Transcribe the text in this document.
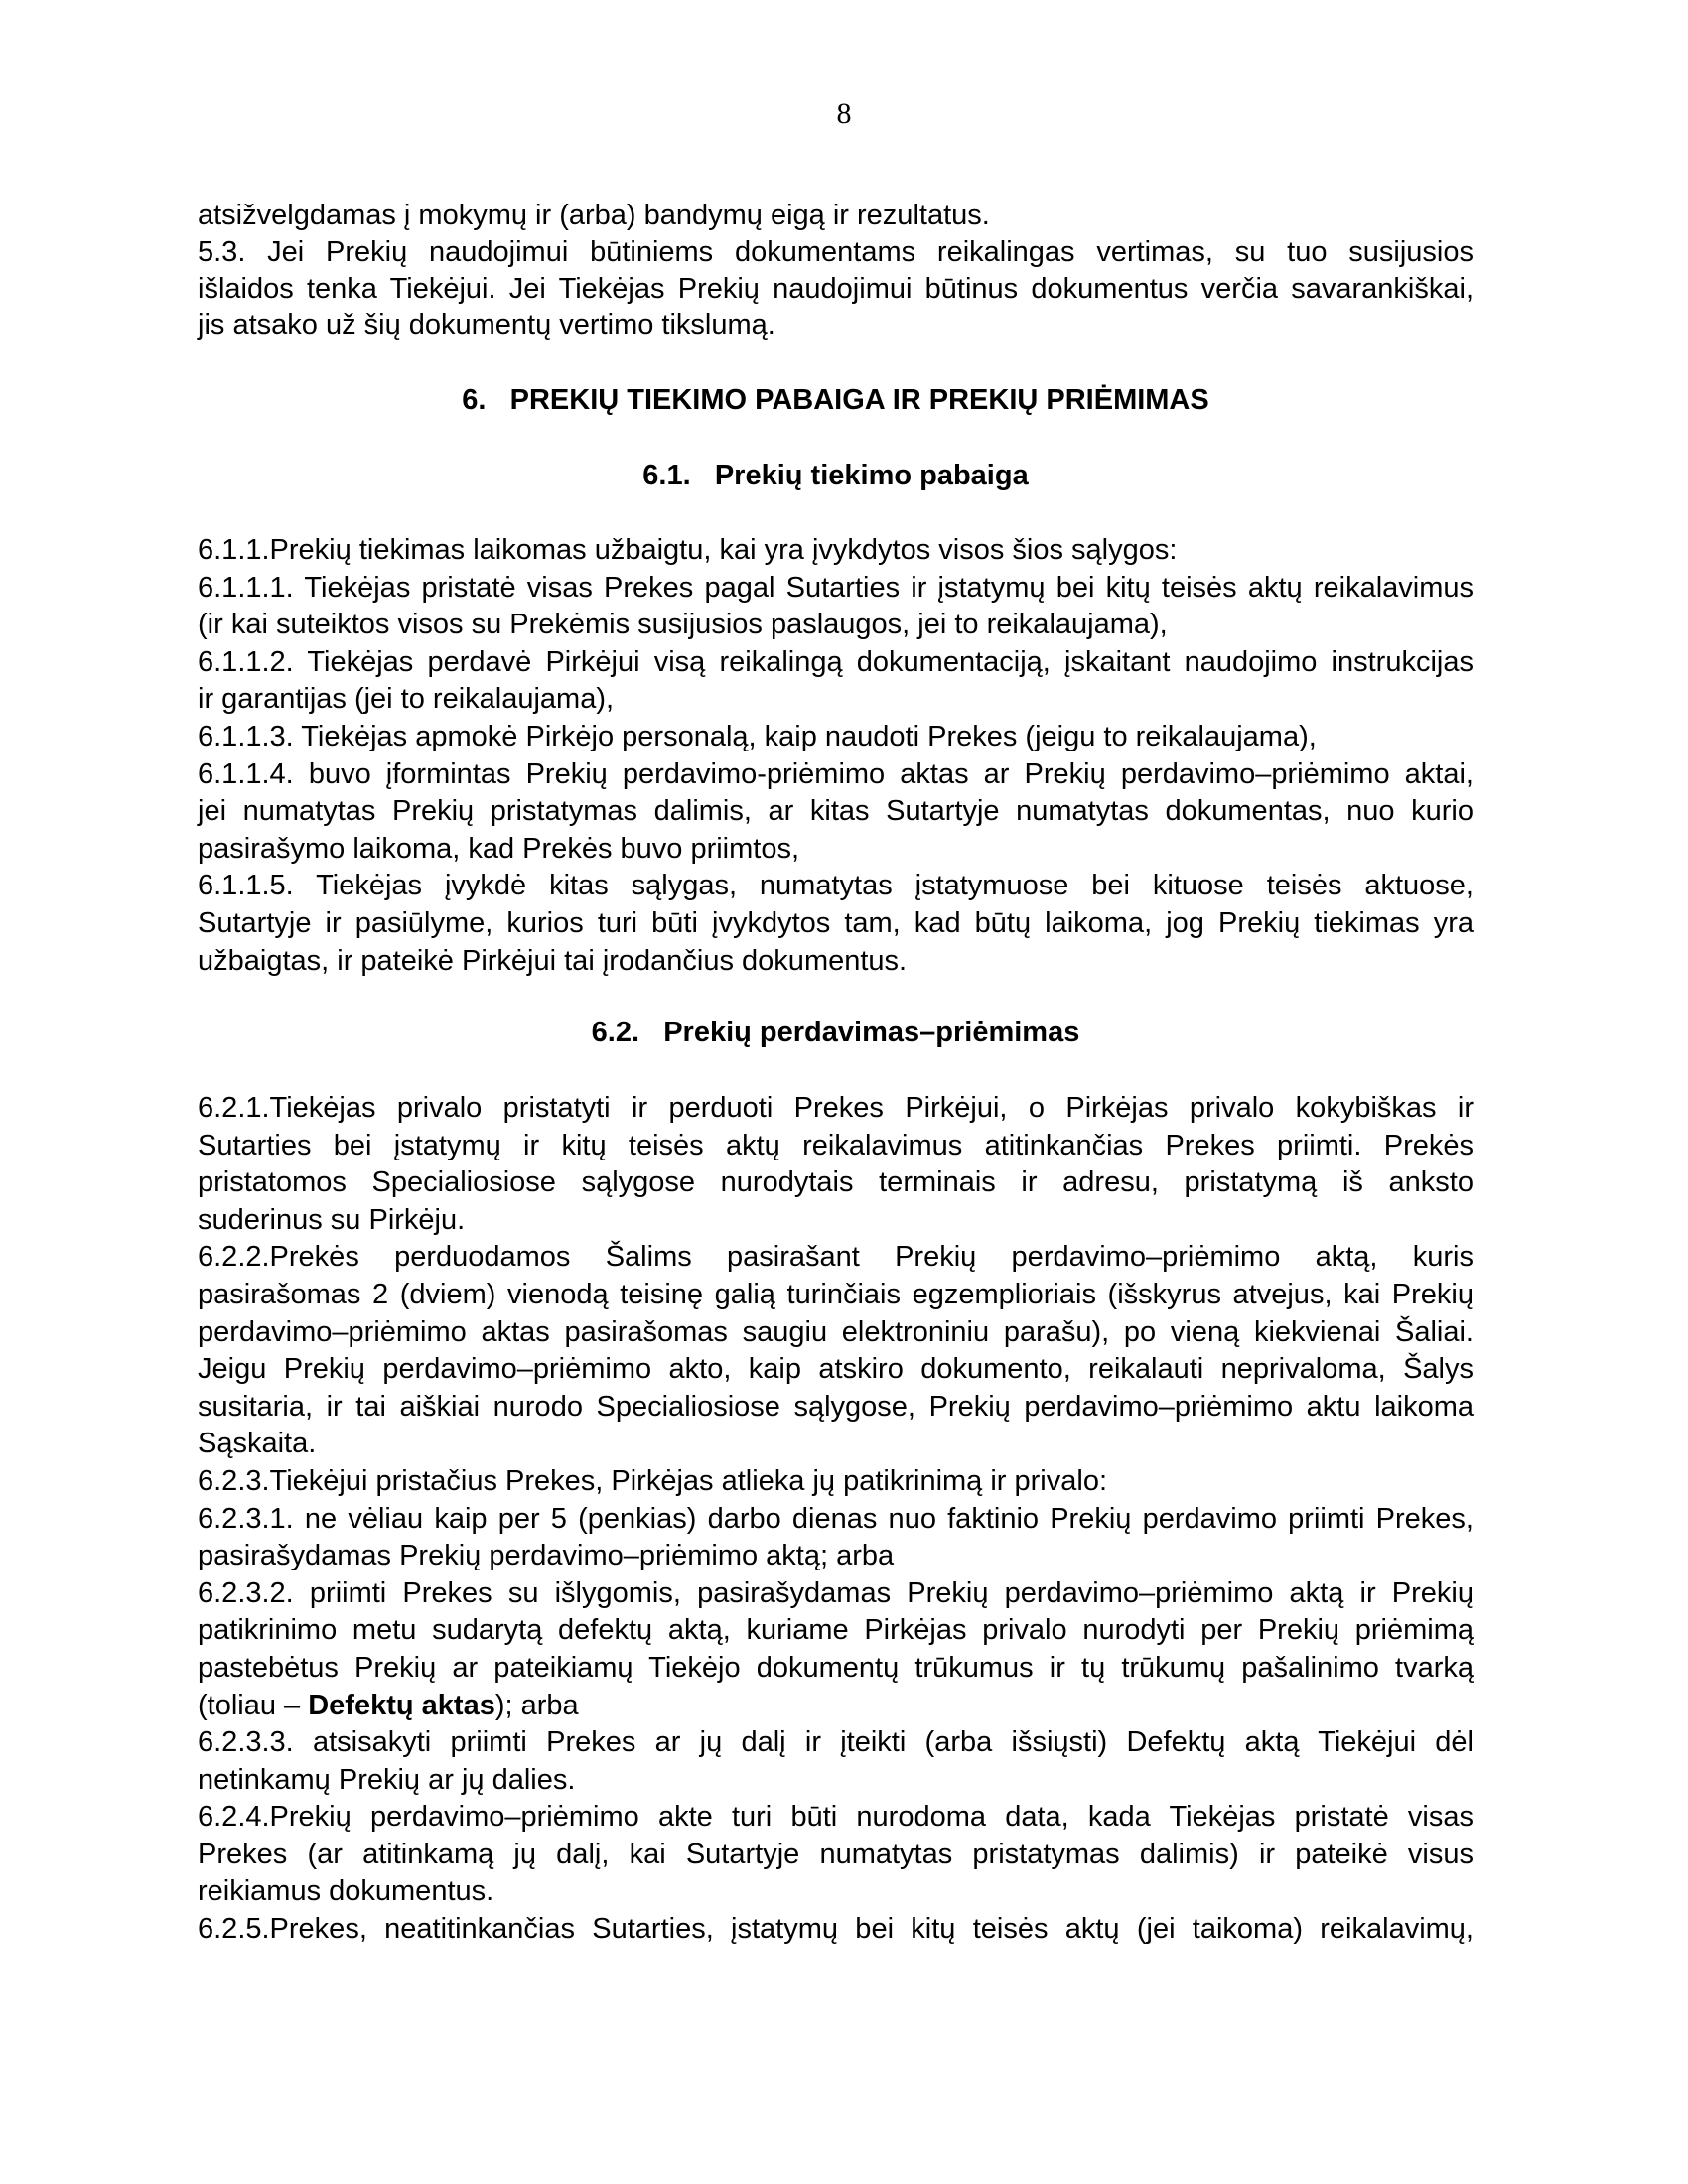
8
atsižvelgdamas į mokymų ir (arba) bandymų eigą ir rezultatus.
5.3. Jei Prekių naudojimui būtiniems dokumentams reikalingas vertimas, su tuo susijusios
išlaidos tenka Tiekėjui. Jei Tiekėjas Prekių naudojimui būtinus dokumentus verčia savarankiškai,
jis atsako už šių dokumentų vertimo tikslumą.
6.   PREKIŲ TIEKIMO PABAIGA IR PREKIŲ PRIĖMIMAS
6.1.   Prekių tiekimo pabaiga
6.1.1.Prekių tiekimas laikomas užbaigtu, kai yra įvykdytos visos šios sąlygos:
6.1.1.1. Tiekėjas pristatė visas Prekes pagal Sutarties ir įstatymų bei kitų teisės aktų reikalavimus
(ir kai suteiktos visos su Prekėmis susijusios paslaugos, jei to reikalaujama),
6.1.1.2. Tiekėjas perdavė Pirkėjui visą reikalingą dokumentaciją, įskaitant naudojimo instrukcijas
ir garantijas (jei to reikalaujama),
6.1.1.3. Tiekėjas apmokė Pirkėjo personalą, kaip naudoti Prekes (jeigu to reikalaujama),
6.1.1.4. buvo įformintas Prekių perdavimo-priėmimo aktas ar Prekių perdavimo–priėmimo aktai,
jei numatytas Prekių pristatymas dalimis, ar kitas Sutartyje numatytas dokumentas, nuo kurio
pasirašymo laikoma, kad Prekės buvo priimtos,
6.1.1.5. Tiekėjas įvykdė kitas sąlygas, numatytas įstatymuose bei kituose teisės aktuose,
Sutartyje ir pasiūlyme, kurios turi būti įvykdytos tam, kad būtų laikoma, jog Prekių tiekimas yra
užbaigtas, ir pateikė Pirkėjui tai įrodančius dokumentus.
6.2.   Prekių perdavimas–priėmimas
6.2.1.Tiekėjas privalo pristatyti ir perduoti Prekes Pirkėjui, o Pirkėjas privalo kokybiškas ir
Sutarties bei įstatymų ir kitų teisės aktų reikalavimus atitinkančias Prekes priimti. Prekės
pristatomos Specialiosiose sąlygose nurodytais terminais ir adresu, pristatymą iš anksto
suderinus su Pirkėju.
6.2.2.Prekės perduodamos Šalims pasirašant Prekių perdavimo–priėmimo aktą, kuris
pasirašomas 2 (dviem) vienodą teisinę galią turinčiais egzemplioriais (išskyrus atvejus, kai Prekių
perdavimo–priėmimo aktas pasirašomas saugiu elektroniniu parašu), po vieną kiekvienai Šaliai.
Jeigu Prekių perdavimo–priėmimo akto, kaip atskiro dokumento, reikalauti neprivaloma, Šalys
susitaria, ir tai aiškiai nurodo Specialiosiose sąlygose, Prekių perdavimo–priėmimo aktu laikoma
Sąskaita.
6.2.3.Tiekėjui pristačius Prekes, Pirkėjas atlieka jų patikrinimą ir privalo:
6.2.3.1. ne vėliau kaip per 5 (penkias) darbo dienas nuo faktinio Prekių perdavimo priimti Prekes,
pasirašydamas Prekių perdavimo–priėmimo aktą; arba
6.2.3.2. priimti Prekes su išlygomis, pasirašydamas Prekių perdavimo–priėmimo aktą ir Prekių
patikrinimo metu sudarytą defektų aktą, kuriame Pirkėjas privalo nurodyti per Prekių priėmimą
pastebėtus Prekių ar pateikiamų Tiekėjo dokumentų trūkumus ir tų trūkumų pašalinimo tvarką
(toliau – Defektų aktas); arba
6.2.3.3. atsisakyti priimti Prekes ar jų dalį ir įteikti (arba išsiųsti) Defektų aktą Tiekėjui dėl
netinkamų Prekių ar jų dalies.
6.2.4.Prekių perdavimo–priėmimo akte turi būti nurodoma data, kada Tiekėjas pristatė visas
Prekes (ar atitinkamą jų dalį, kai Sutartyje numatytas pristatymas dalimis) ir pateikė visus
reikiamus dokumentus.
6.2.5.Prekes, neatitinkančias Sutarties, įstatymų bei kitų teisės aktų (jei taikoma) reikalavimų,
